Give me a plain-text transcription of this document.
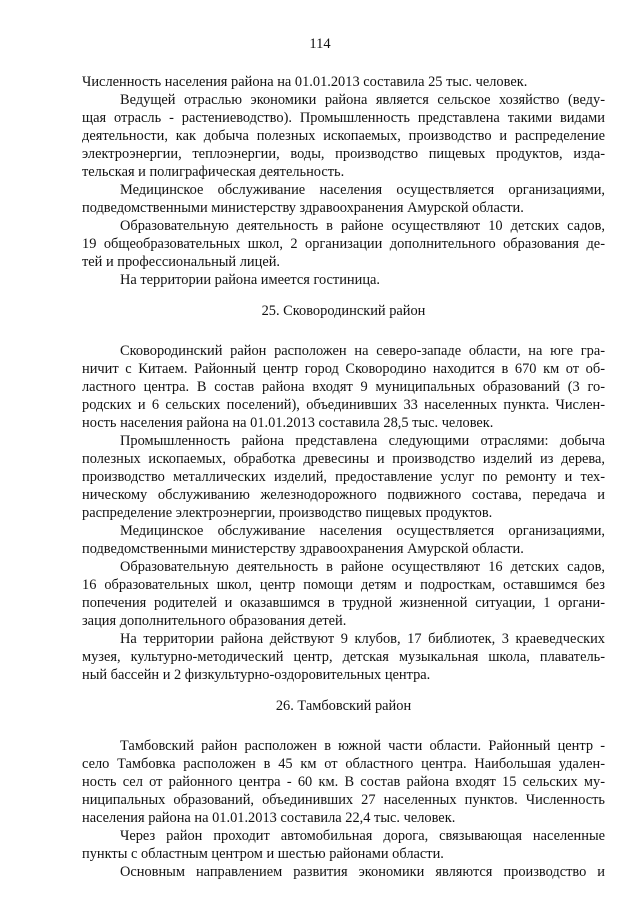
114
Численность населения района на 01.01.2013 составила 25 тыс. человек.
Ведущей отраслью экономики района является сельское хозяйство (веду-
щая отрасль - растениеводство). Промышленность представлена такими видами
деятельности, как добыча полезных ископаемых, производство и распределение
электроэнергии, теплоэнергии, воды, производство пищевых продуктов, изда-
тельская и полиграфическая деятельность.
Медицинское обслуживание населения осуществляется организациями,
подведомственными министерству здравоохранения Амурской области.
Образовательную деятельность в районе осуществляют 10 детских садов,
19 общеобразовательных школ, 2 организации дополнительного образования де-
тей и профессиональный лицей.
На территории района имеется гостиница.
25. Сковородинский район
Сковородинский район расположен на северо-западе области, на юге гра-
ничит с Китаем. Районный центр город Сковородино находится в 670 км от об-
ластного центра. В состав района входят 9 муниципальных образований (3 го-
родских и 6 сельских поселений), объединивших 33 населенных пункта. Числен-
ность населения района на 01.01.2013 составила 28,5 тыс. человек.
Промышленность района представлена следующими отраслями: добыча
полезных ископаемых, обработка древесины и производство изделий из дерева,
производство металлических изделий, предоставление услуг по ремонту и тех-
ническому обслуживанию железнодорожного подвижного состава, передача и
распределение электроэнергии, производство пищевых продуктов.
Медицинское обслуживание населения осуществляется организациями,
подведомственными министерству здравоохранения Амурской области.
Образовательную деятельность в районе осуществляют 16 детских садов,
16 образовательных школ, центр помощи детям и подросткам, оставшимся без
попечения родителей и оказавшимся в трудной жизненной ситуации, 1 органи-
зация дополнительного образования детей.
На территории района действуют 9 клубов, 17 библиотек, 3 краеведческих
музея, культурно-методический центр, детская музыкальная школа, плаватель-
ный бассейн и 2 физкультурно-оздоровительных центра.
26. Тамбовский район
Тамбовский район расположен в южной части области. Районный центр -
село Тамбовка расположен в 45 км от областного центра. Наибольшая удален-
ность сел от районного центра - 60 км. В состав района входят 15 сельских му-
ниципальных образований, объединивших 27 населенных пунктов. Численность
населения района на 01.01.2013 составила 22,4 тыс. человек.
Через район проходит автомобильная дорога, связывающая населенные
пункты с областным центром и шестью районами области.
Основным направлением развития экономики являются производство и
